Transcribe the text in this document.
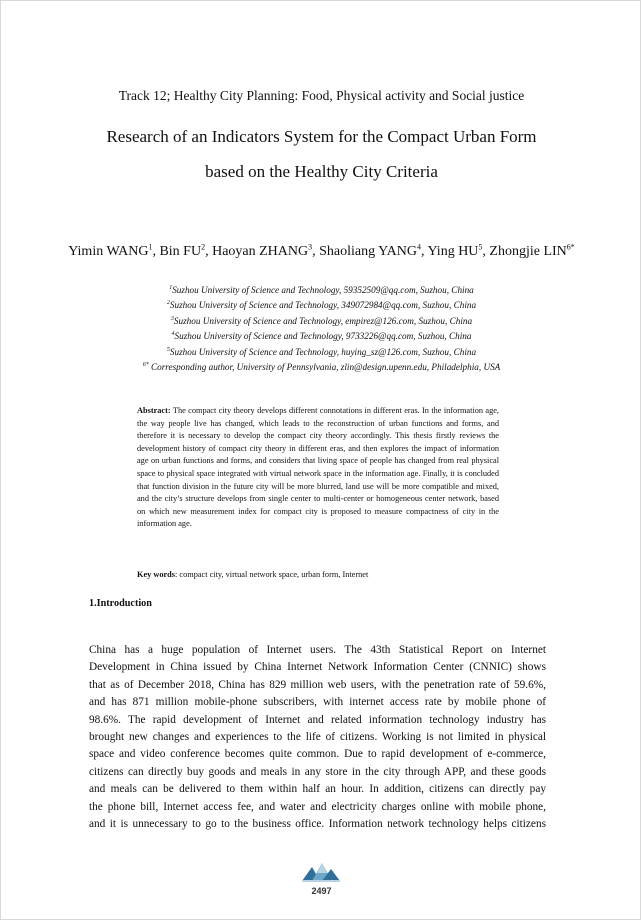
Track 12; Healthy City Planning: Food, Physical activity and Social justice
Research of an Indicators System for the Compact Urban Form
based on the Healthy City Criteria
Yimin WANG$^1$, Bin $FU^2$, Haoyan ZHANG$^3$, Shaoliang YANG$^4$, Ying $HU^5$, Zhongjie $LIN^{6*}$
$^1$Suzhou University of Science and Technology, 59352509@qq.com, Suzhou, China
$^2$Suzhou University of Science and Technology, 349072984@qq.com, Suzhou, China
$^3$Suzhou University of Science and Technology, empirez@126.com, Suzhou, China
$^4$Suzhou University of Science and Technology, 9733226@qq.com, Suzhou, China
$^5$Suzhou University of Science and Technology, huying_sz@126.com, Suzhou, China
$^{6*}$ Corresponding author, University of Pennsylvania, zlin@design.upenn.edu, Philadelphia, USA
Abstract: The compact city theory develops different connotations in different eras. In the information age, the way people live has changed, which leads to the reconstruction of urban functions and forms, and therefore it is necessary to develop the compact city theory accordingly. This thesis firstly reviews the development history of compact city theory in different eras, and then explores the impact of information age on urban functions and forms, and considers that living space of people has changed from real physical space to physical space integrated with virtual network space in the information age. Finally, it is concluded that function division in the future city will be more blurred, land use will be more compatible and mixed, and the city’s structure develops from single center to multi-center or homogeneous center network, based on which new measurement index for compact city is proposed to measure compactness of city in the information age.
Key words: compact city, virtual network space, urban form, Internet
1.Introduction
China has a huge population of Internet users. The 43th Statistical Report on Internet
Development in China issued by China Internet Network Information Center (CNNIC) shows
that as of December 2018, China has 829 million web users, with the penetration rate of 59.6%,
and has 871 million mobile-phone subscribers, with internet access rate by mobile phone of
98.6%. The rapid development of Internet and related information technology industry has
brought new changes and experiences to the life of citizens. Working is not limited in physical
space and video conference becomes quite common. Due to rapid development of e-commerce,
citizens can directly buy goods and meals in any store in the city through APP, and these goods
and meals can be delivered to them within half an hour. In addition, citizens can directly pay
the phone bill, Internet access fee, and water and electricity charges online with mobile phone,
and it is unnecessary to go to the business office. Information network technology helps citizens
2497
